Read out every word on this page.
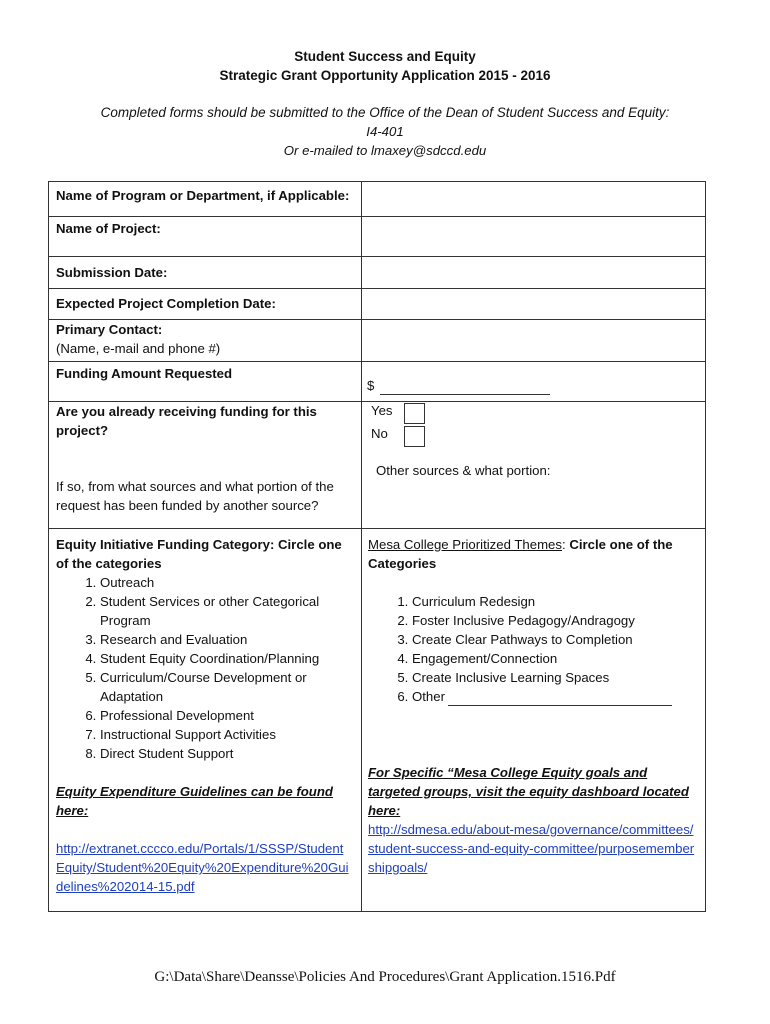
Student Success and Equity
Strategic Grant Opportunity Application 2015 - 2016
Completed forms should be submitted to the Office of the Dean of Student Success and Equity:
I4-401
Or e-mailed to lmaxey@sdccd.edu
Name of Program or Department, if Applicable:
Name of Project:
Submission Date:
Expected Project Completion Date:
Primary Contact:
(Name, e-mail and phone #)
Funding Amount Requested
$
Are you already receiving funding for this project?
Yes
No
If so, from what sources and what portion of the request has been funded by another source?
Other sources & what portion:
Equity Initiative Funding Category: Circle one of the categories
1. Outreach
2. Student Services or other Categorical Program
3. Research and Evaluation
4. Student Equity Coordination/Planning
5. Curriculum/Course Development or Adaptation
6. Professional Development
7. Instructional Support Activities
8. Direct Student Support
Equity Expenditure Guidelines can be found here:
http://extranet.cccco.edu/Portals/1/SSSP/StudentEquity/Student%20Equity%20Expenditure%20Guidelines%202014-15.pdf
Mesa College Prioritized Themes: Circle one of the Categories
1. Curriculum Redesign
2. Foster Inclusive Pedagogy/Andragogy
3. Create Clear Pathways to Completion
4. Engagement/Connection
5. Create Inclusive Learning Spaces
6. Other
For Specific “Mesa College Equity goals and targeted groups, visit the equity dashboard located here:
http://sdmesa.edu/about-mesa/governance/committees/student-success-and-equity-committee/purposemembershipgoals/
G:\Data\Share\Deansse\Policies And Procedures\Grant Application.1516.Pdf
